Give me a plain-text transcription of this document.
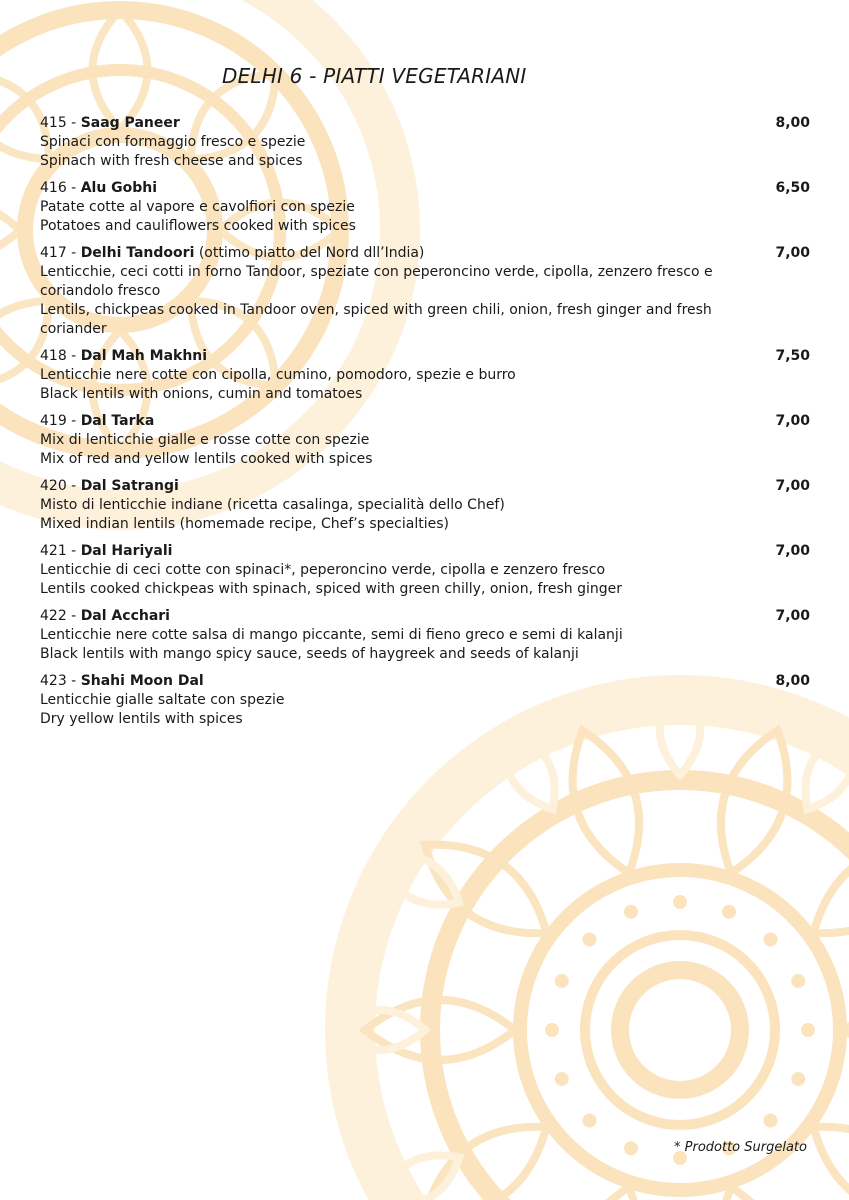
DELHI 6 - PIATTI VEGETARIANI
415 - Saag Paneer	8,00
Spinaci con formaggio fresco e spezie
Spinach with fresh cheese and spices
416 - Alu Gobhi	6,50
Patate cotte al vapore e cavolfiori con spezie
Potatoes and cauliflowers cooked with spices
417 - Delhi Tandoori (ottimo piatto del Nord dll’India)	7,00
Lenticchie, ceci cotti in forno Tandoor, speziate con peperoncino verde, cipolla, zenzero fresco e coriandolo fresco
Lentils, chickpeas cooked in Tandoor oven, spiced with green chili, onion, fresh ginger and fresh coriander
418 - Dal Mah Makhni	7,50
Lenticchie nere cotte con cipolla, cumino, pomodoro, spezie e burro
Black lentils with onions, cumin and tomatoes
419 - Dal Tarka	7,00
Mix di lenticchie gialle e rosse cotte con spezie
Mix of red and yellow lentils cooked with spices
420 - Dal Satrangi	7,00
Misto di lenticchie indiane (ricetta casalinga, specialità dello Chef)
Mixed indian lentils (homemade recipe, Chef’s specialties)
421 - Dal Hariyali	7,00
Lenticchie di ceci cotte con spinaci*, peperoncino verde, cipolla e zenzero fresco
Lentils cooked chickpeas with spinach, spiced with green chilly, onion, fresh ginger
422 - Dal Acchari	7,00
Lenticchie nere cotte salsa di mango piccante, semi di fieno greco e semi di kalanji
Black lentils with mango spicy sauce, seeds of haygreek and seeds of kalanji
423 - Shahi Moon Dal	8,00
Lenticchie gialle saltate con spezie
Dry yellow lentils with spices

* Prodotto Surgelato
